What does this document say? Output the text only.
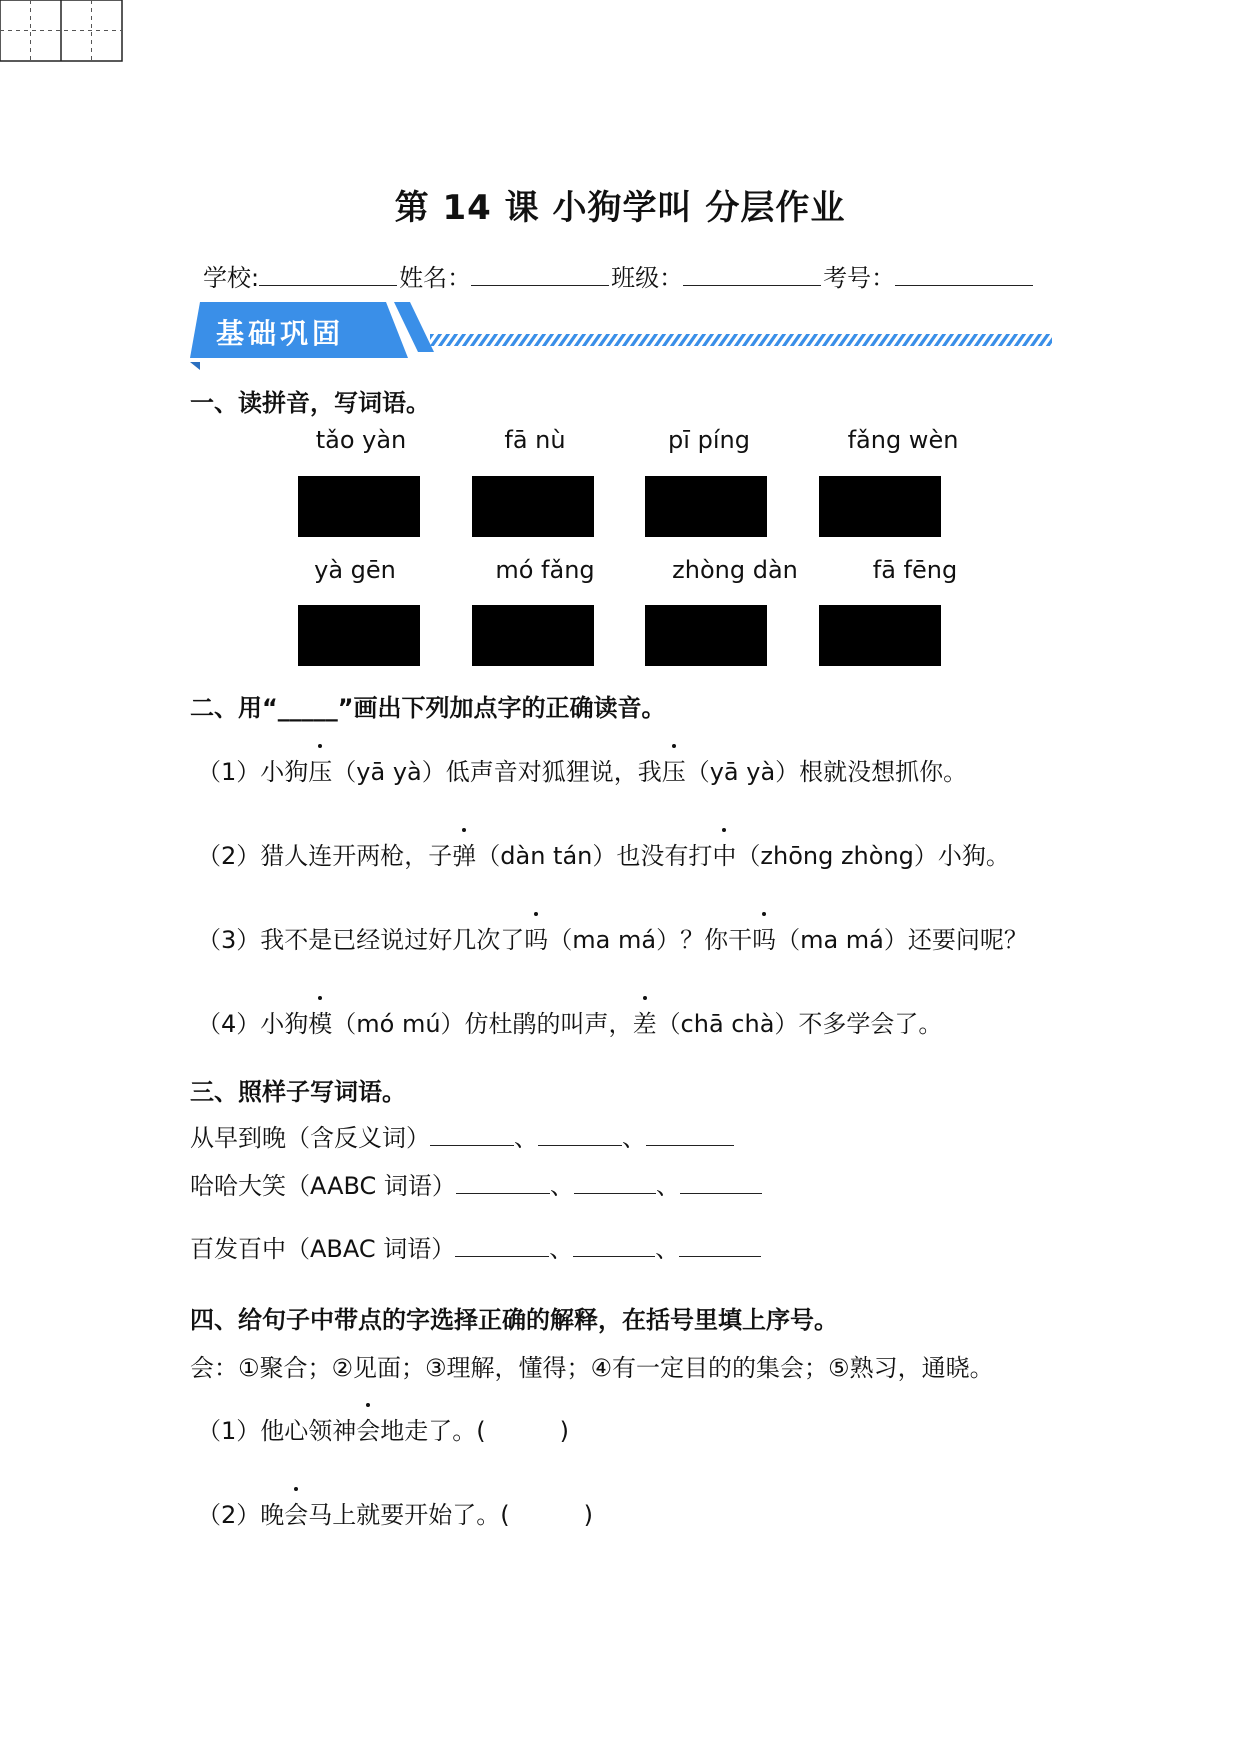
第 14 课 小狗学叫 分层作业
学校:	姓名：	班级：	考号：
基础巩固
一、读拼音，写词语。
tǎo yàn	fā nù	pī píng	fǎng wèn
yà gēn	mó fǎng	zhòng dàn	fā fēng
二、用“_____”画出下列加点字的正确读音。
（1）小狗压（yā yà）低声音对狐狸说，我压（yā yà）根就没想抓你。
（2）猎人连开两枪，子弹（dàn tán）也没有打中（zhōng zhòng）小狗。
（3）我不是已经说过好几次了吗（ma má）？你干吗（ma má）还要问呢？
（4）小狗模（mó mú）仿杜鹃的叫声，差（chā chà）不多学会了。
三、照样子写词语。
从早到晚（含反义词）	、	、
哈哈大笑（AABC 词语）	、	、
百发百中（ABAC 词语）	、	、
四、给句子中带点的字选择正确的解释，在括号里填上序号。
会：①聚合；②见面；③理解，懂得；④有一定目的的集会；⑤熟习，通晓。
（1）他心领神会地走了。(	)
（2）晚会马上就要开始了。(	)
